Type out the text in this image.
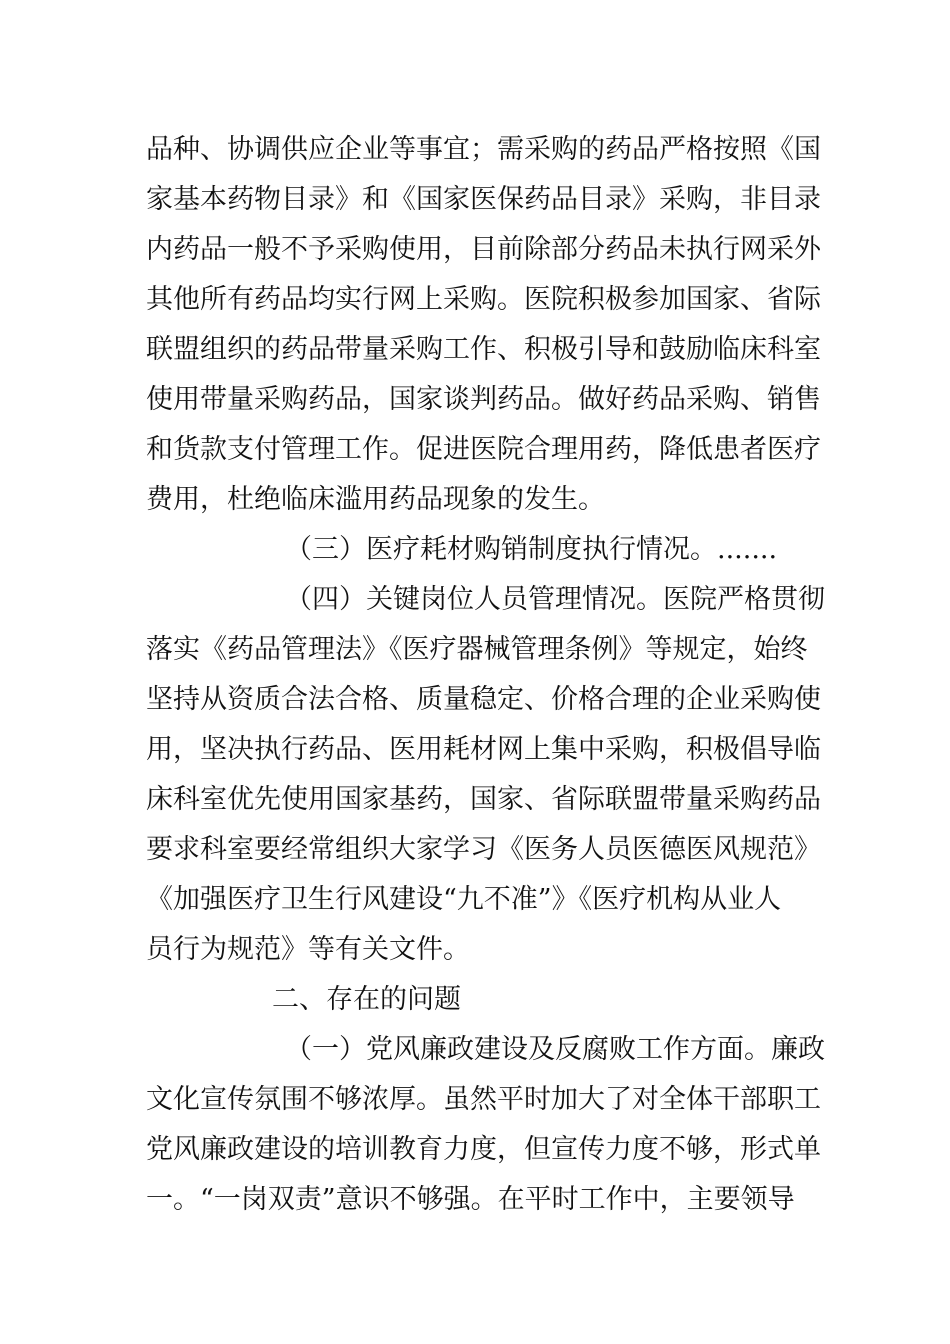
品种、协调供应企业等事宜；需采购的药品严格按照《国
家基本药物目录》和《国家医保药品目录》采购，非目录
内药品一般不予采购使用，目前除部分药品未执行网采外
其他所有药品均实行网上采购。医院积极参加国家、省际
联盟组织的药品带量采购工作、积极引导和鼓励临床科室
使用带量采购药品，国家谈判药品。做好药品采购、销售
和货款支付管理工作。促进医院合理用药，降低患者医疗
费用，杜绝临床滥用药品现象的发生。
（三）医疗耗材购销制度执行情况。.......
（四）关键岗位人员管理情况。医院严格贯彻
落实《药品管理法》《医疗器械管理条例》等规定，始终
坚持从资质合法合格、质量稳定、价格合理的企业采购使
用，坚决执行药品、医用耗材网上集中采购，积极倡导临
床科室优先使用国家基药，国家、省际联盟带量采购药品
要求科室要经常组织大家学习《医务人员医德医风规范》
《加强医疗卫生行风建设“九不准”》《医疗机构从业人
员行为规范》等有关文件。
二、存在的问题
（一）党风廉政建设及反腐败工作方面。廉政
文化宣传氛围不够浓厚。虽然平时加大了对全体干部职工
党风廉政建设的培训教育力度，但宣传力度不够，形式单
一。“一岗双责”意识不够强。在平时工作中，主要领导
